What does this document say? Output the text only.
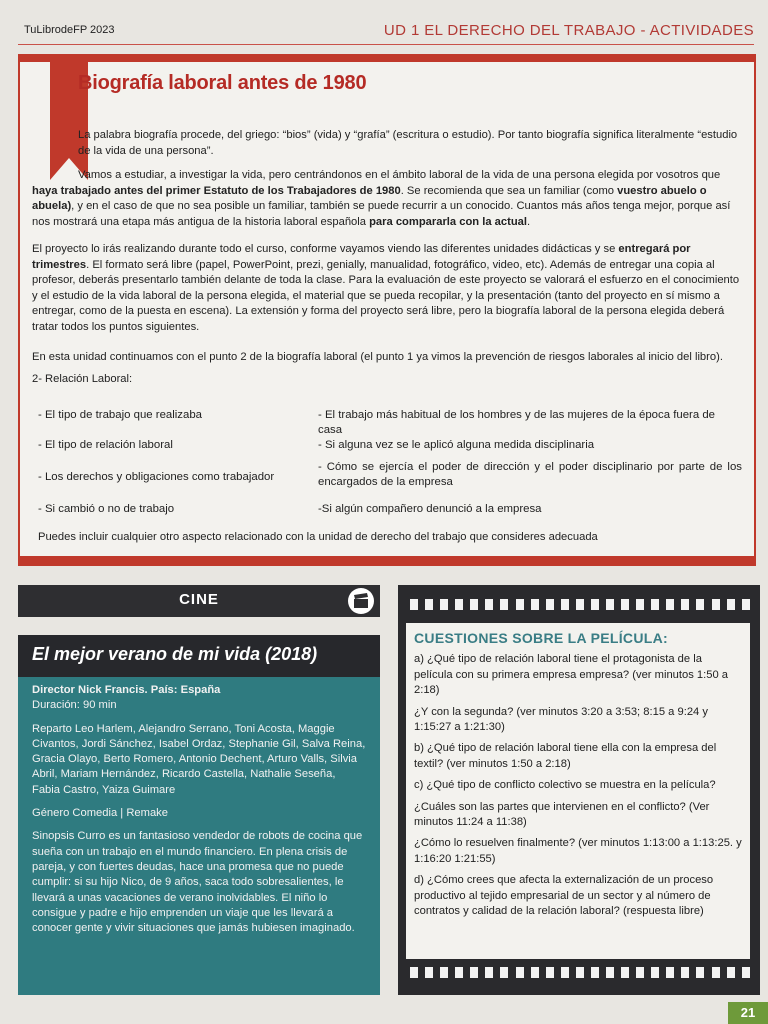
TuLibrodeFP 2023	UD 1 EL DERECHO DEL TRABAJO - ACTIVIDADES
Biografía laboral antes de 1980
La palabra biografía procede, del griego: “bios” (vida) y “grafía” (escritura o estudio). Por tanto biografía significa literalmente “estudio de la vida de una persona”.
Vamos a estudiar, a investigar la vida, pero centrándonos en el ámbito laboral de la vida de una persona elegida por vosotros que haya trabajado antes del primer Estatuto de los Trabajadores de 1980. Se recomienda que sea un familiar (como vuestro abuelo o abuela), y en el caso de que no sea posible un familiar, también se puede recurrir a un conocido. Cuantos más años tenga mejor, porque así nos mostrará una etapa más antigua de la historia laboral española para compararla con la actual.
El proyecto lo irás realizando durante todo el curso, conforme vayamos viendo las diferentes unidades didácticas y se entregará por trimestres. El formato será libre (papel, PowerPoint, prezi, genially, manualidad, fotográfico, video, etc). Además de entregar una copia al profesor, deberás presentarlo también delante de toda la clase. Para la evaluación de este proyecto se valorará el esfuerzo en el conocimiento y el estudio de la vida laboral de la persona elegida, el material que se pueda recopilar, y la presentación (tanto del proyecto en sí mismo a entregar, como de la puesta en escena). La extensión y forma del proyecto será libre, pero la biografía laboral de la persona elegida deberá tratar todos los puntos siguientes.
En esta unidad continuamos con el punto 2 de la biografía laboral (el punto 1 ya vimos la prevención de riesgos laborales al inicio del libro).
2- Relación Laboral:
- El tipo de trabajo que realizaba
- El tipo de relación laboral
- Los derechos y obligaciones como trabajador
- Si cambió o no de trabajo
- El trabajo más habitual de los hombres y de las mujeres de la época fuera de casa
- Si alguna vez se le aplicó alguna medida disciplinaria
- Cómo se ejercía el poder de dirección y el poder disciplinario por parte de los encargados de la empresa
-Si algún compañero denunció a la empresa
Puedes incluir cualquier otro aspecto relacionado con la unidad de derecho del trabajo que consideres adecuada
CINE
El mejor verano de mi vida (2018)

Director Nick Francis. País: España

Duración: 90 min

Reparto Leo Harlem, Alejandro Serrano, Toni Acosta, Maggie Civantos, Jordi Sánchez, Isabel Ordaz, Stephanie Gil, Salva Reina, Gracia Olayo, Berto Romero, Antonio Dechent, Arturo Valls, Silvia Abril, Mariam Hernández, Ricardo Castella, Nathalie Seseña, Fabia Castro, Yaiza Guimare

Género Comedia | Remake

Sinopsis Curro es un fantasioso vendedor de robots de cocina que sueña con un trabajo en el mundo financiero. En plena crisis de pareja, y con fuertes deudas, hace una promesa que no puede cumplir: si su hijo Nico, de 9 años, saca todo sobresalientes, le llevará a unas vacaciones de verano inolvidables. El niño lo consigue y padre e hijo emprenden un viaje que les llevará a conocer gente y vivir situaciones que jamás hubiesen imaginado.

CUESTIONES SOBRE LA PELÍCULA:
a) ¿Qué tipo de relación laboral tiene el protagonista de la película con su primera empresa empresa? (ver minutos 1:50 a 2:18)
¿Y con la segunda? (ver minutos 3:20 a 3:53; 8:15 a 9:24 y 1:15:27 a 1:21:30)
b) ¿Qué tipo de relación laboral tiene ella con la empresa del textil? (ver minutos 1:50 a 2:18)
c) ¿Qué tipo de conflicto colectivo se muestra en la película?
¿Cuáles son las partes que intervienen en el conflicto? (Ver minutos 11:24 a 11:38)
¿Cómo lo resuelven finalmente? (ver minutos 1:13:00 a 1:13:25. y 1:16:20 1:21:55)
d) ¿Cómo crees que afecta la externalización de un proceso productivo al tejido empresarial de un sector y al número de contratos y calidad de la relación laboral? (respuesta libre)
21
